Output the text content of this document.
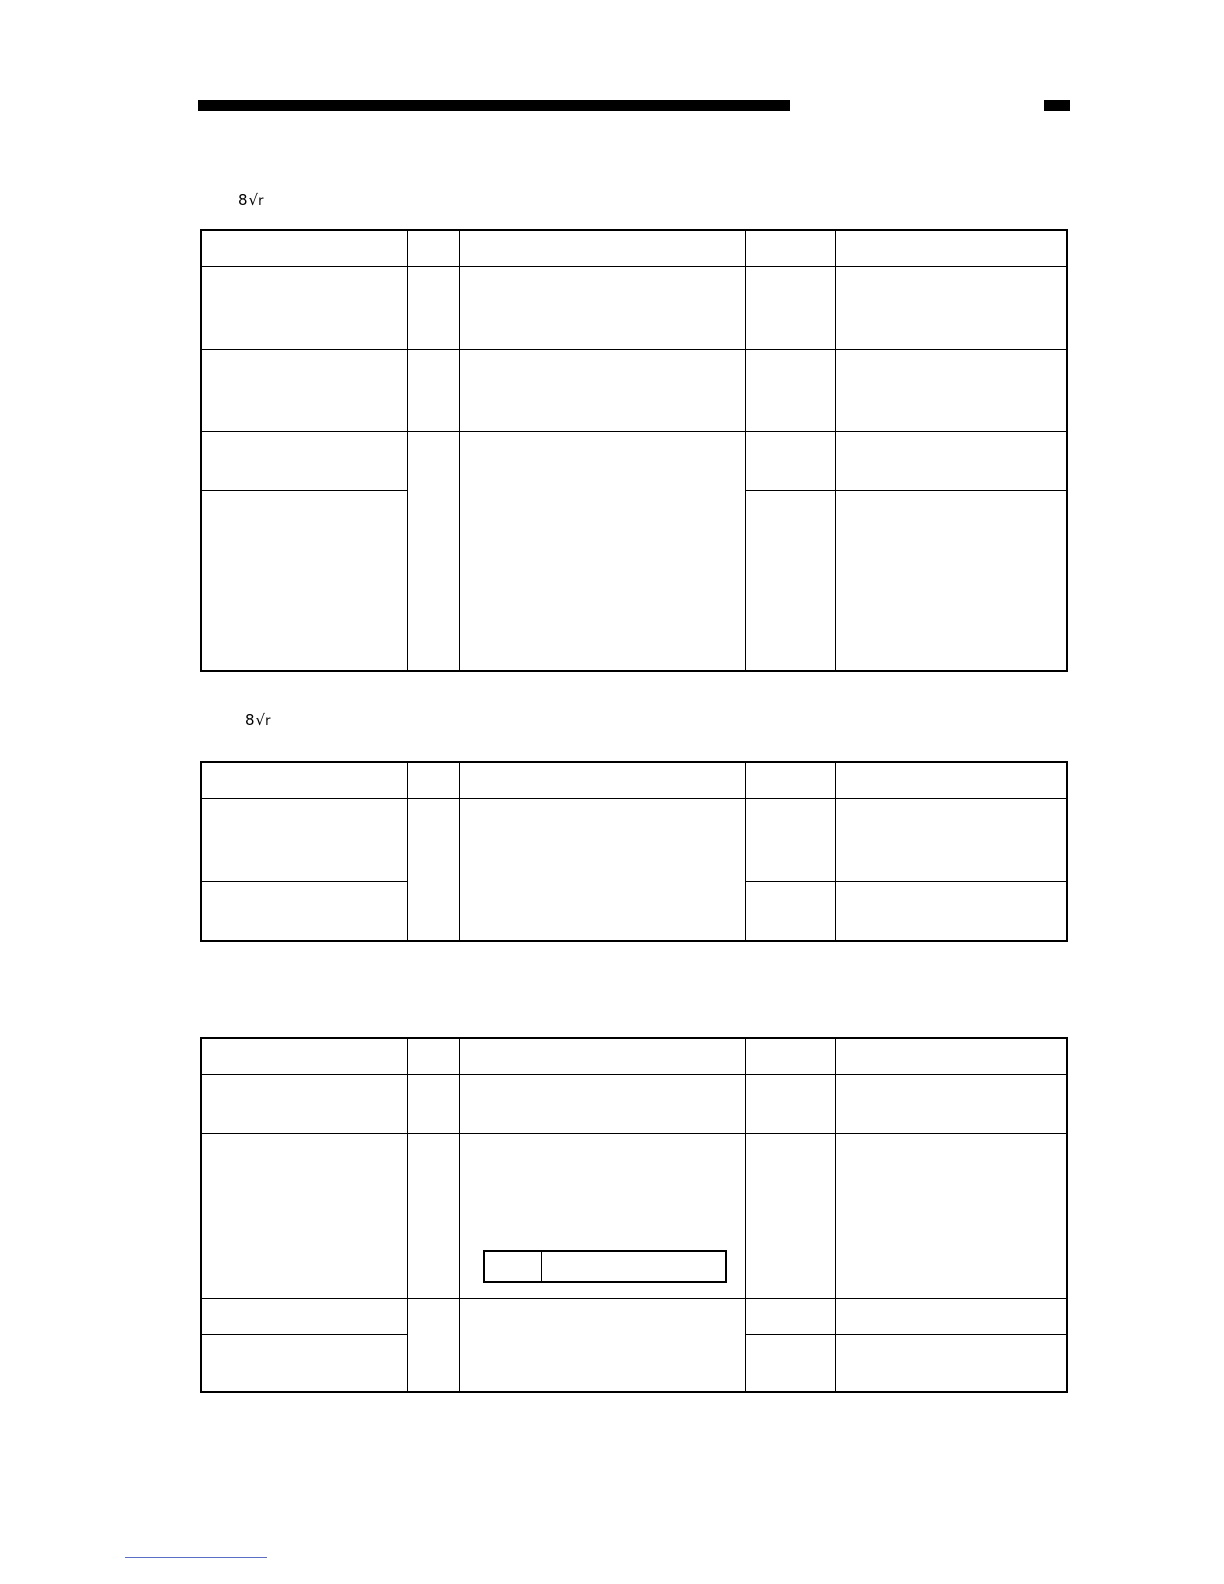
8√r
8√r
